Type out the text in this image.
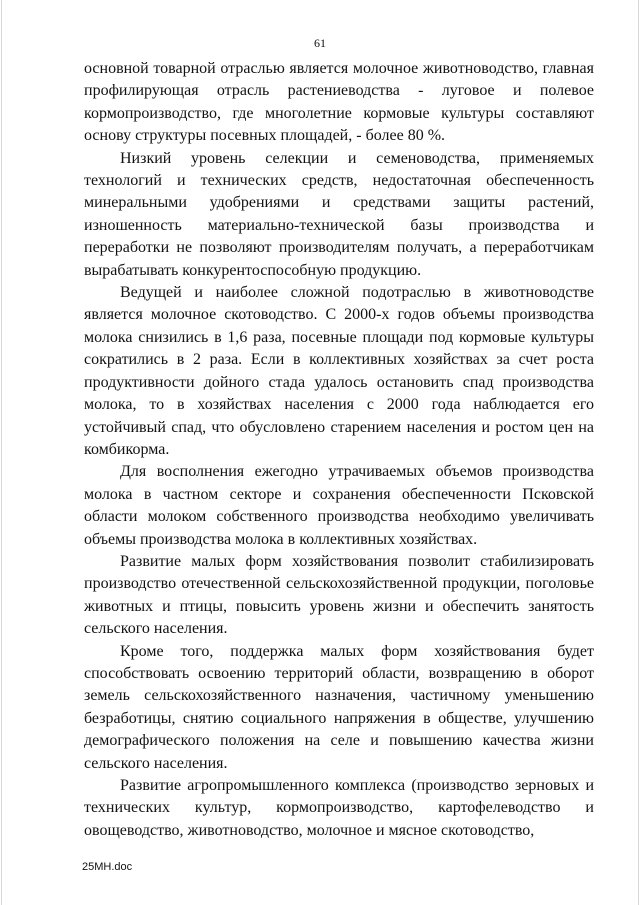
61

основной товарной отраслью является молочное животноводство, главная профилирующая отрасль растениеводства - луговое и полевое кормопроизводство, где многолетние кормовые культуры составляют основу структуры посевных площадей, - более 80 %.

Низкий уровень селекции и семеноводства, применяемых технологий и технических средств, недостаточная обеспеченность минеральными удобрениями и средствами защиты растений, изношенность материально-технической базы производства и переработки не позволяют производителям получать, а переработчикам вырабатывать конкурентоспособную продукцию.

Ведущей и наиболее сложной подотраслью в животноводстве является молочное скотоводство. С 2000-х годов объемы производства молока снизились в 1,6 раза, посевные площади под кормовые культуры сократились в 2 раза. Если в коллективных хозяйствах за счет роста продуктивности дойного стада удалось остановить спад производства молока, то в хозяйствах населения с 2000 года наблюдается его устойчивый спад, что обусловлено старением населения и ростом цен на комбикорма.

Для восполнения ежегодно утрачиваемых объемов производства молока в частном секторе и сохранения обеспеченности Псковской области молоком собственного производства необходимо увеличивать объемы производства молока в коллективных хозяйствах.

Развитие малых форм хозяйствования позволит стабилизировать производство отечественной сельскохозяйственной продукции, поголовье животных и птицы, повысить уровень жизни и обеспечить занятость сельского населения.

Кроме того, поддержка малых форм хозяйствования будет способствовать освоению территорий области, возвращению в оборот земель сельскохозяйственного назначения, частичному уменьшению безработицы, снятию социального напряжения в обществе, улучшению демографического положения на селе и повышению качества жизни сельского населения.

Развитие агропромышленного комплекса (производство зерновых и технических культур, кормопроизводство, картофелеводство и овощеводство, животноводство, молочное и мясное скотоводство,

25МН.doc
